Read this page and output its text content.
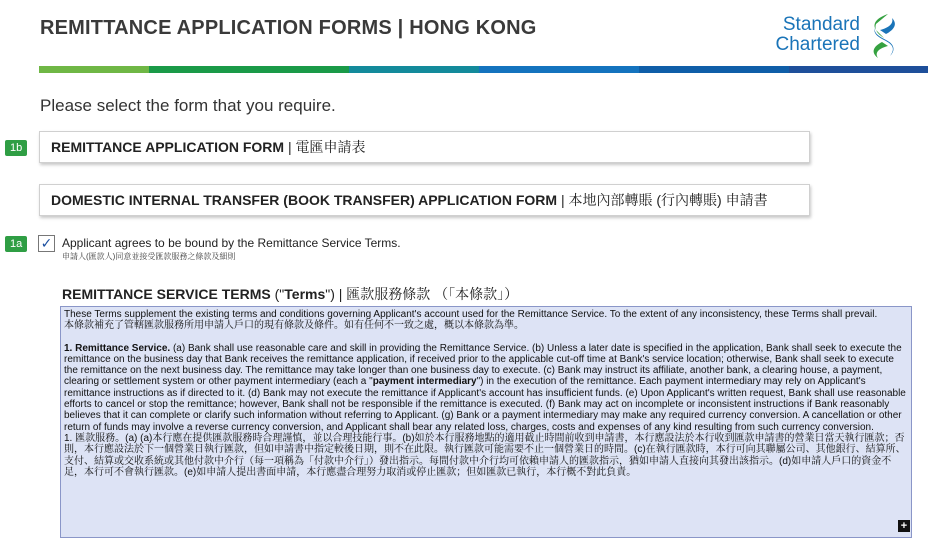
REMITTANCE APPLICATION FORMS | HONG KONG	Standard
Chartered
Please select the form that you require.
1b	REMITTANCE APPLICATION FORM | 電匯申請表
DOMESTIC INTERNAL TRANSFER (BOOK TRANSFER) APPLICATION FORM | 本地內部轉賬 (行內轉賬) 申請書
1a	✓ Applicant agrees to be bound by the Remittance Service Terms.
申請人(匯款人)同意並接受匯款服務之條款及細則
REMITTANCE SERVICE TERMS ("Terms") | 匯款服務條款 （「本條款」）

These Terms supplement the existing terms and conditions governing Applicant's account used for the Remittance Service. To the extent of any inconsistency, these Terms shall prevail.

本條款補充了管轄匯款服務所用申請人戶口的現有條款及條件。如有任何不一致之處，概以本條款為準。

1. Remittance Service. (a) Bank shall use reasonable care and skill in providing the Remittance Service. (b) Unless a later date is specified in the application, Bank shall seek to execute the remittance on the business day that Bank receives the remittance application, if received prior to the applicable cut-off time at Bank's service location; otherwise, Bank shall seek to execute the remittance on the next business day. The remittance may take longer than one business day to execute. (c) Bank may instruct its affiliate, another bank, a clearing house, a payment, clearing or settlement system or other payment intermediary (each a "payment intermediary") in the execution of the remittance. Each payment intermediary may rely on Applicant's remittance instructions as if directed to it. (d) Bank may not execute the remittance if Applicant's account has insufficient funds. (e) Upon Applicant's written request, Bank shall use reasonable efforts to cancel or stop the remittance; however, Bank shall not be responsible if the remittance is executed. (f) Bank may act on incomplete or inconsistent instructions if Bank reasonably believes that it can complete or clarify such information without referring to Applicant. (g) Bank or a payment intermediary may make any required currency conversion. A cancellation or other return of funds may involve a reverse currency conversion, and Applicant shall bear any related loss, charges, costs and expenses of any kind resulting from such currency conversion.

1. 匯款服務。(a) (a)本行應在提供匯款服務時合理謹慎，並以合理技能行事。(b)如於本行服務地點的適用截止時間前收到申請書，本行應設法於本行收到匯款申請書的營業日當天執行匯款；否則，本行應設法於下一個營業日執行匯款，但如申請書中指定較後日期，則不在此限。執行匯款可能需要不止一個營業日的時間。(c)在執行匯款時，本行可向其聯屬公司、其他銀行、結算所、支付、結算或交收系統或其他付款中介行（每一項稱為「付款中介行」）發出指示。每間付款中介行均可依賴申請人的匯款指示，猶如申請人直接向其發出該指示。(d)如申請人戶口的資金不足，本行可不會執行匯款。(e)如申請人提出書面申請，本行應盡合理努力取消或停止匯款；但如匯款已執行，本行概不對此負責。

+
